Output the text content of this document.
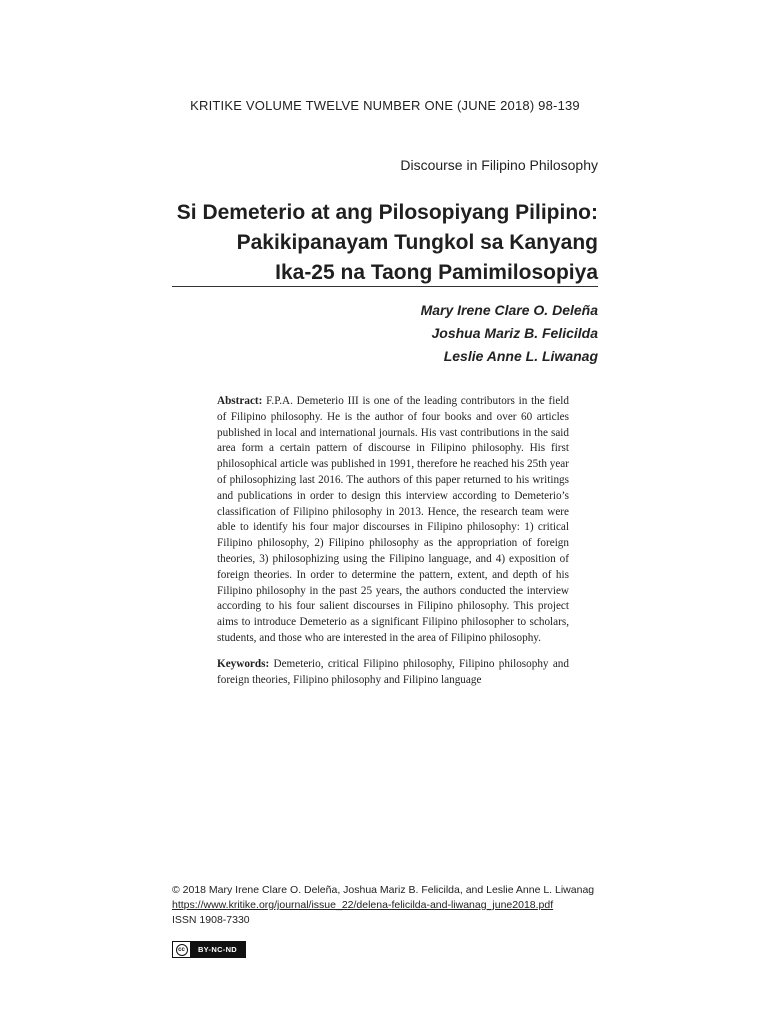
KRITIKE VOLUME TWELVE NUMBER ONE (JUNE 2018) 98-139
Discourse in Filipino Philosophy
Si Demeterio at ang Pilosopiyang Pilipino:
Pakikipanayam Tungkol sa Kanyang
Ika-25 na Taong Pamimilosopiya
Mary Irene Clare O. Deleña
Joshua Mariz B. Felicilda
Leslie Anne L. Liwanag

Abstract: F.P.A. Demeterio III is one of the leading contributors in the field of Filipino philosophy. He is the author of four books and over 60 articles published in local and international journals. His vast contributions in the said area form a certain pattern of discourse in Filipino philosophy. His first philosophical article was published in 1991, therefore he reached his 25th year of philosophizing last 2016. The authors of this paper returned to his writings and publications in order to design this interview according to Demeterio’s classification of Filipino philosophy in 2013. Hence, the research team were able to identify his four major discourses in Filipino philosophy: 1) critical Filipino philosophy, 2) Filipino philosophy as the appropriation of foreign theories, 3) philosophizing using the Filipino language, and 4) exposition of foreign theories. In order to determine the pattern, extent, and depth of his Filipino philosophy in the past 25 years, the authors conducted the interview according to his four salient discourses in Filipino philosophy. This project aims to introduce Demeterio as a significant Filipino philosopher to scholars, students, and those who are interested in the area of Filipino philosophy.

Keywords: Demeterio, critical Filipino philosophy, Filipino philosophy and foreign theories, Filipino philosophy and Filipino language

© 2018 Mary Irene Clare O. Deleña, Joshua Mariz B. Felicilda, and Leslie Anne L. Liwanag
https://www.kritike.org/journal/issue_22/delena-felicilda-and-liwanag_june2018.pdf
ISSN 1908-7330
cc	BY-NC-ND
